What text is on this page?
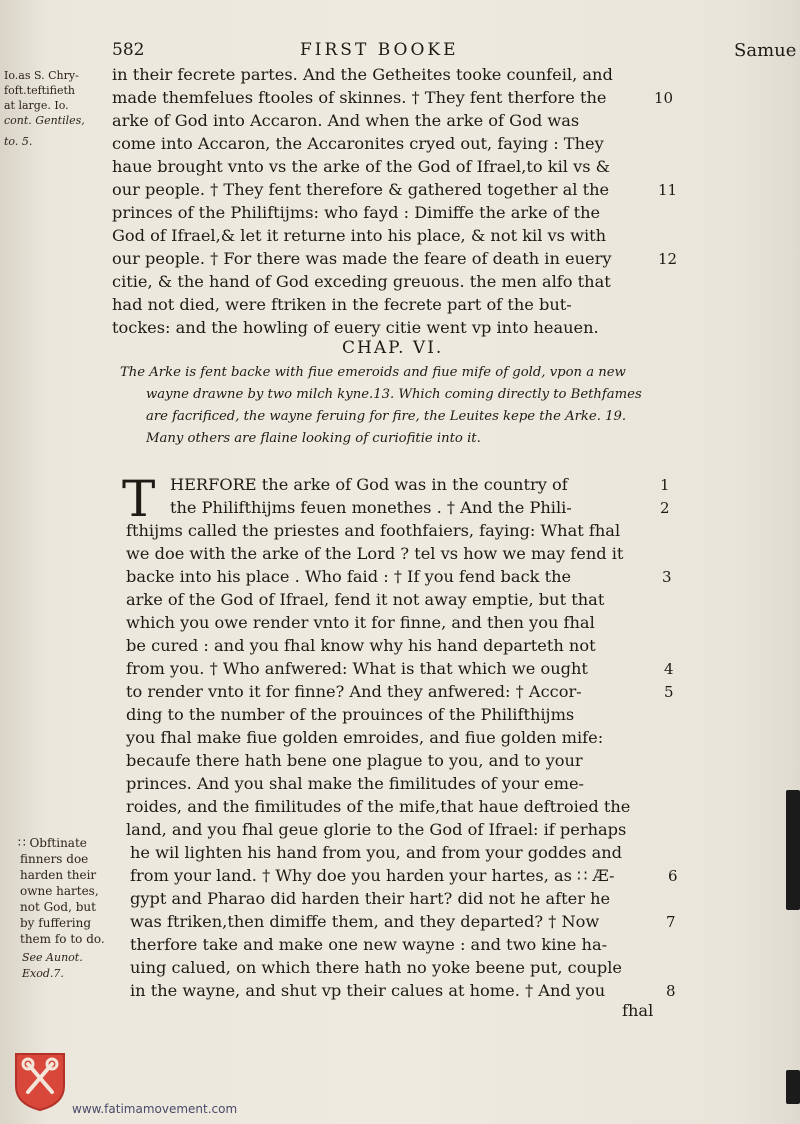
582	FIRST BOOKE	Samue
Io.as S. Chry-
foft.teftifieth
at large. Io.
cont. Gentiles,
to. 5.
in their fecrete partes. And the Getheites tooke counfeil, and
made themfelues ftooles of skinnes. † They fent therfore the
arke of God into Accaron. And when the arke of God was
come into Accaron, the Accaronites cryed out, faying : They
haue brought vnto vs the arke of the God of Ifrael,to kil vs &
our people. † They fent therefore & gathered together al the
princes of the Philiftijms: who fayd : Dimiffe the arke of the
God of Ifrael,& let it returne into his place, & not kil vs with
our people. † For there was made the feare of death in euery
citie, & the hand of God exceding greuous. the men alfo that
had not died, were ftriken in the fecrete part of the but-
tockes: and the howling of euery citie went vp into heauen.
10
11
12
CHAP. VI.
The Arke is fent backe with fiue emeroids and fiue mife of gold, vpon a new
wayne drawne by two milch kyne.13. Which coming directly to Bethfames
are facrificed, the wayne feruing for fire, the Leuites kepe the Arke. 19.
Many others are flaine looking of curiofitie into it.
T HERFORE the arke of God was in the country of
the Philifthijms feuen monethes . † And the Phili-
fthijms called the priestes and foothfaiers, faying: What fhal
we doe with the arke of the Lord ? tel vs how we may fend it
backe into his place . Who faid : † If you fend back the
arke of the God of Ifrael, fend it not away emptie, but that
which you owe render vnto it for finne, and then you fhal
be cured : and you fhal know why his hand departeth not
from you. † Who anfwered: What is that which we ought
to render vnto it for finne? And they anfwered: † Accor-
ding to the number of the prouinces of the Philifthijms
you fhal make fiue golden emroides, and fiue golden mife:
becaufe there hath bene one plague to you, and to your
princes. And you shal make the fimilitudes of your eme-
roides, and the fimilitudes of the mife,that haue deftroied the
land, and you fhal geue glorie to the God of Ifrael: if perhaps
he wil lighten his hand from you, and from your goddes and
from your land. † Why doe you harden your hartes, as ∷ Æ-
gypt and Pharao did harden their hart? did not he after he
was ftriken,then dimiffe them, and they departed? † Now
therfore take and make one new wayne : and two kine ha-
uing calued, on which there hath no yoke beene put, couple
in the wayne, and shut vp their calues at home. † And you
fhal
1
2
3
4
5
6
7
8
∷ Obftinate
finners doe
harden their
owne hartes,
not God, but
by fuffering
them fo to do.
See Aunot.
Exod.7.
www.fatimamovement.com
